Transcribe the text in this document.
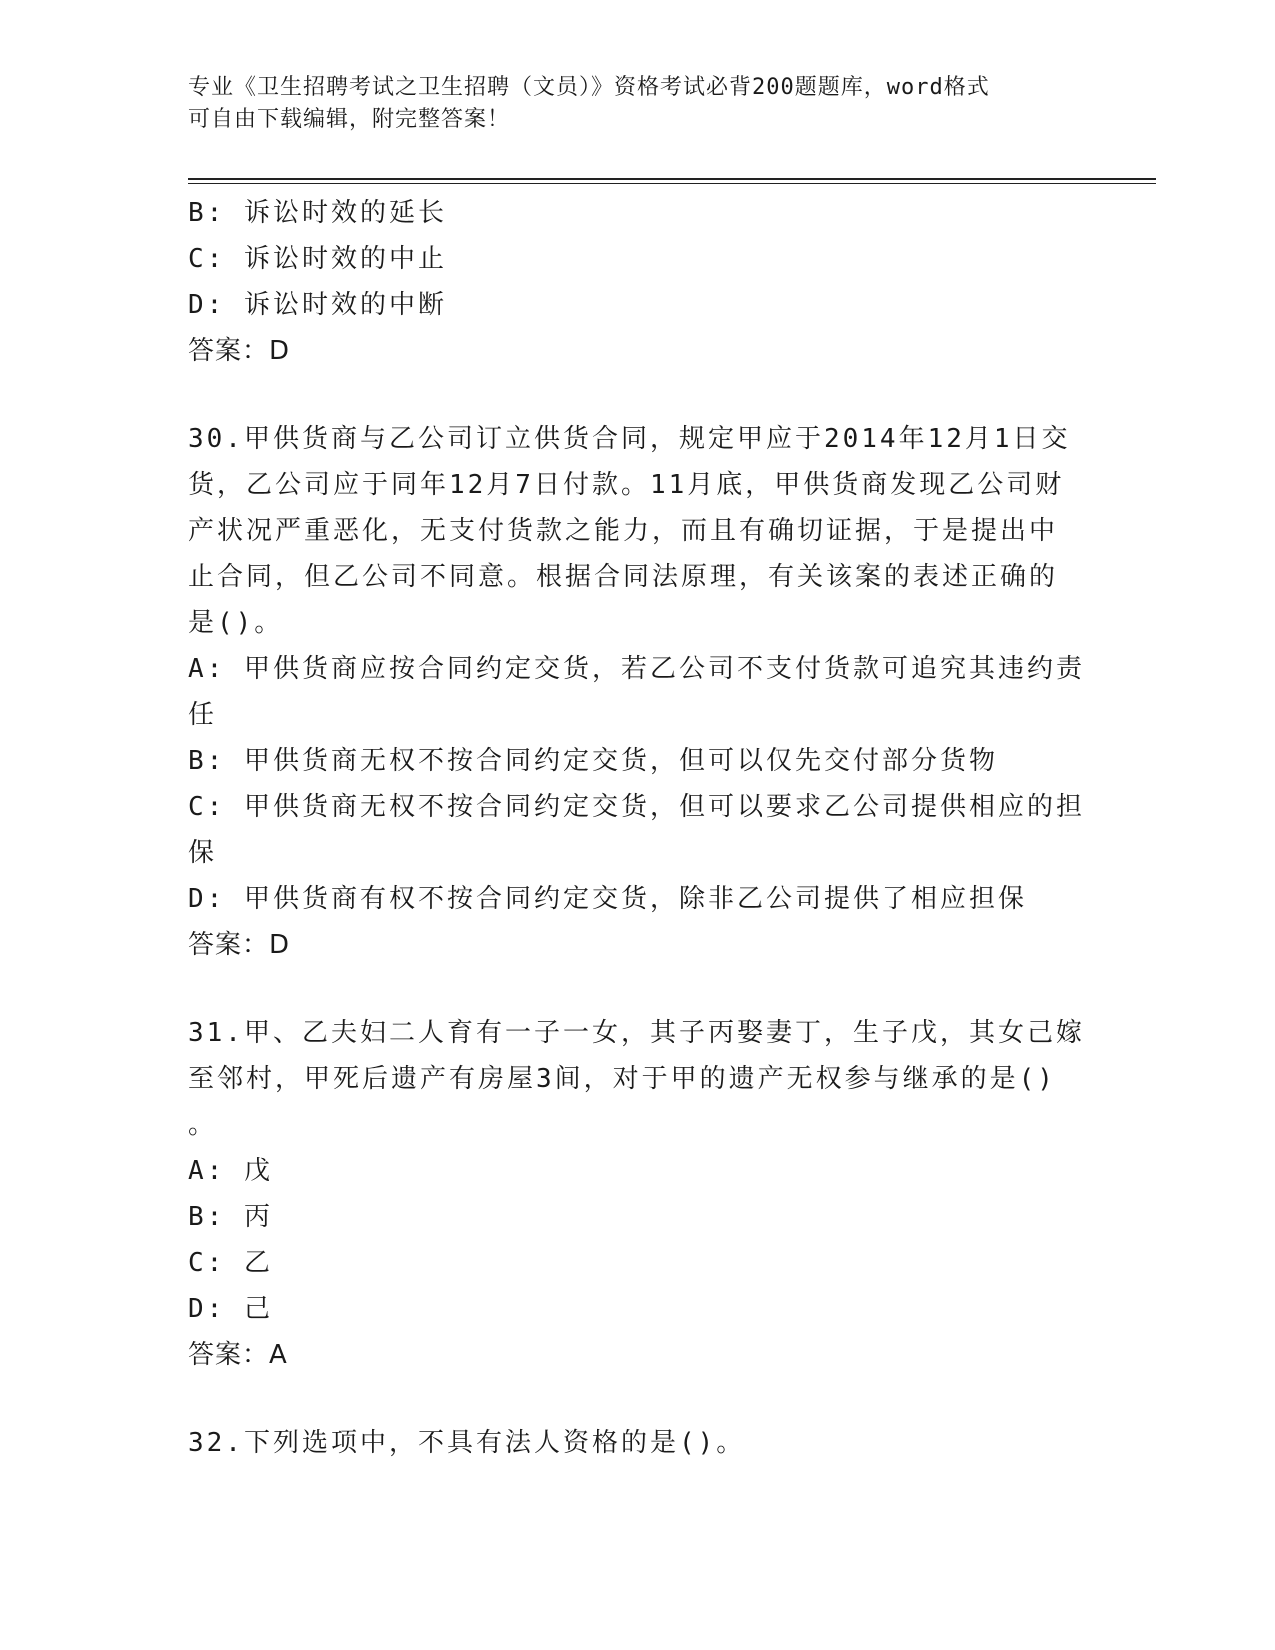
专业《卫生招聘考试之卫生招聘（文员）》资格考试必背200题题库，word格式
可自由下载编辑，附完整答案！
B: 诉讼时效的延长
C: 诉讼时效的中止
D: 诉讼时效的中断
答案：D
30.甲供货商与乙公司订立供货合同，规定甲应于2014年12月1日交
货，乙公司应于同年12月7日付款。11月底，甲供货商发现乙公司财
产状况严重恶化，无支付货款之能力，而且有确切证据，于是提出中
止合同，但乙公司不同意。根据合同法原理，有关该案的表述正确的
是()。
A: 甲供货商应按合同约定交货，若乙公司不支付货款可追究其违约责
任
B: 甲供货商无权不按合同约定交货，但可以仅先交付部分货物
C: 甲供货商无权不按合同约定交货，但可以要求乙公司提供相应的担
保
D: 甲供货商有权不按合同约定交货，除非乙公司提供了相应担保
答案：D
31.甲、乙夫妇二人育有一子一女，其子丙娶妻丁，生子戊，其女己嫁
至邻村，甲死后遗产有房屋3间，对于甲的遗产无权参与继承的是()
。
A: 戊
B: 丙
C: 乙
D: 己
答案：A
32.下列选项中，不具有法人资格的是()。
